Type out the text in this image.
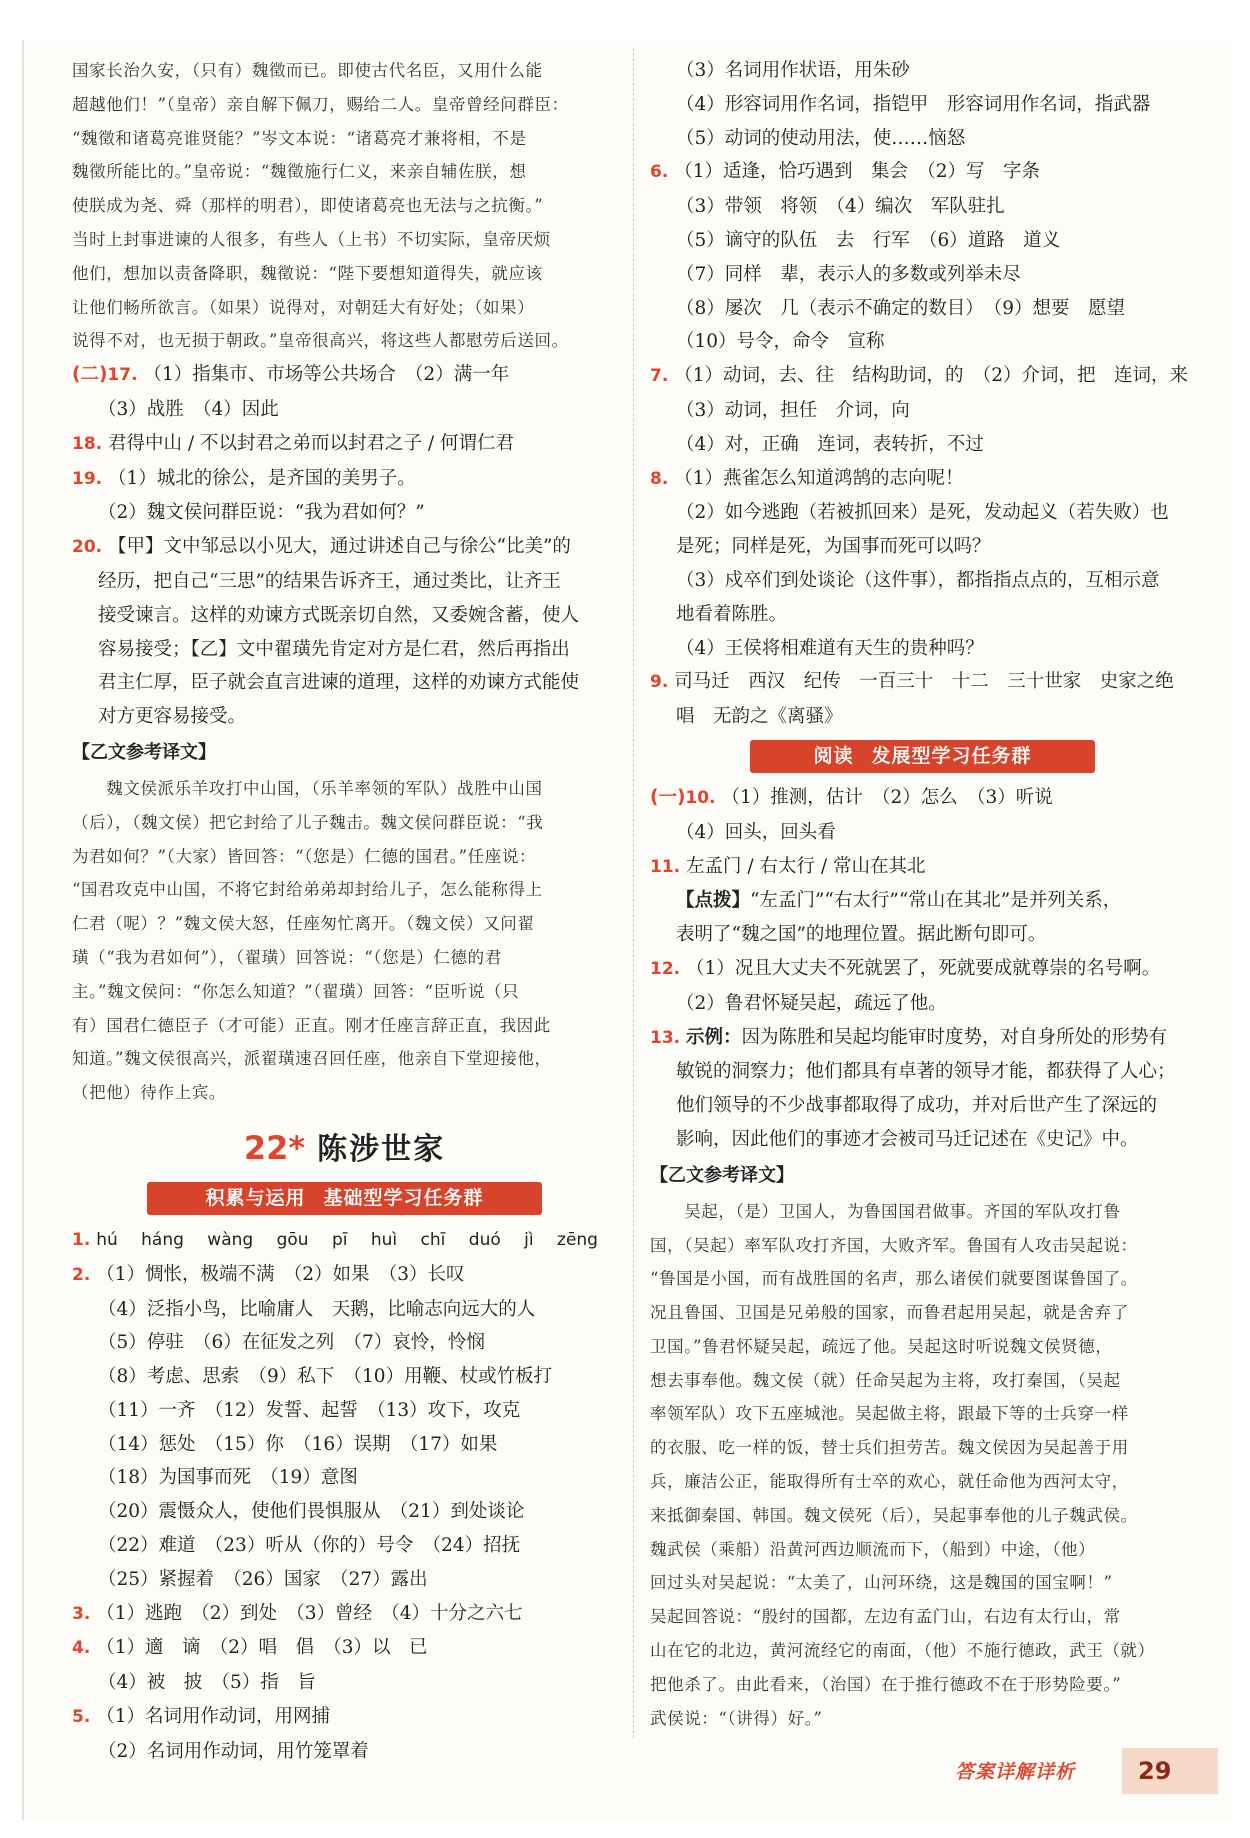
国家长治久安，（只有）魏徵而已。即使古代名臣，又用什么能

超越他们！”（皇帝）亲自解下佩刀，赐给二人。皇帝曾经问群臣：

“魏徵和诸葛亮谁贤能？”岑文本说：“诸葛亮才兼将相，不是

魏徵所能比的。”皇帝说：“魏徵施行仁义，来亲自辅佐朕，想

使朕成为尧、舜（那样的明君），即使诸葛亮也无法与之抗衡。”

当时上封事进谏的人很多，有些人（上书）不切实际，皇帝厌烦

他们，想加以责备降职，魏徵说：“陛下要想知道得失，就应该

让他们畅所欲言。（如果）说得对，对朝廷大有好处；（如果）

说得不对，也无损于朝政。”皇帝很高兴，将这些人都慰劳后送回。

(二)17. （1）指集市、市场等公共场合　（2）满一年

（3）战胜　（4）因此

18. 君得中山 / 不以封君之弟而以封君之子 / 何谓仁君

19. （1）城北的徐公，是齐国的美男子。

（2）魏文侯问群臣说：“我为君如何？”

20. 【甲】文中邹忌以小见大，通过讲述自己与徐公“比美”的

经历，把自己“三思”的结果告诉齐王，通过类比，让齐王

接受谏言。这样的劝谏方式既亲切自然，又委婉含蓄，使人

容易接受；【乙】文中翟璜先肯定对方是仁君，然后再指出

君主仁厚，臣子就会直言进谏的道理，这样的劝谏方式能使

对方更容易接受。

【乙文参考译文】

　　魏文侯派乐羊攻打中山国，（乐羊率领的军队）战胜中山国

（后），（魏文侯）把它封给了儿子魏击。魏文侯问群臣说：“我

为君如何？”（大家）皆回答：“（您是）仁德的国君。”任座说：

“国君攻克中山国，不将它封给弟弟却封给儿子，怎么能称得上

仁君（呢）？”魏文侯大怒，任座匆忙离开。（魏文侯）又问翟

璜（“我为君如何”），（翟璜）回答说：“（您是）仁德的君

主。”魏文侯问：“你怎么知道？”（翟璜）回答：“臣听说（只

有）国君仁德臣子（才可能）正直。刚才任座言辞正直，我因此

知道。”魏文侯很高兴，派翟璜速召回任座，他亲自下堂迎接他，

（把他）待作上宾。

22* 陈涉世家
积累与运用 基础型学习任务群

1. hú háng wàng gōu pī huì chī duó jì zēng

2. （1）惆怅，极端不满　（2）如果　（3）长叹

（4）泛指小鸟，比喻庸人　天鹅，比喻志向远大的人

（5）停驻　（6）在征发之列　（7）哀怜，怜悯

（8）考虑、思索　（9）私下　（10）用鞭、杖或竹板打

（11）一齐　（12）发誓、起誓　（13）攻下，攻克

（14）惩处　（15）你　（16）误期　（17）如果

（18）为国事而死　（19）意图

（20）震慑众人，使他们畏惧服从　（21）到处谈论

（22）难道　（23）听从（你的）号令　（24）招抚

（25）紧握着　（26）国家　（27）露出

3. （1）逃跑　（2）到处　（3）曾经　（4）十分之六七

4. （1）適　谪　（2）唱　倡　（3）以　已

（4）被　披　（5）指　旨

5. （1）名词用作动词，用网捕

（2）名词用作动词，用竹笼罩着

（3）名词用作状语，用朱砂

（4）形容词用作名词，指铠甲　形容词用作名词，指武器

（5）动词的使动用法，使……恼怒

6. （1）适逢，恰巧遇到　集会　（2）写　字条

（3）带领　将领　（4）编次　军队驻扎

（5）谪守的队伍　去　行军　（6）道路　道义

（7）同样　辈，表示人的多数或列举未尽

（8）屡次　几（表示不确定的数目）　（9）想要　愿望

（10）号令，命令　宣称

7. （1）动词，去、往　结构助词，的　（2）介词，把　连词，来

（3）动词，担任　介词，向

（4）对，正确　连词，表转折，不过

8. （1）燕雀怎么知道鸿鹄的志向呢！

（2）如今逃跑（若被抓回来）是死，发动起义（若失败）也

是死；同样是死，为国事而死可以吗？

（3）戍卒们到处谈论（这件事），都指指点点的，互相示意

地看着陈胜。

（4）王侯将相难道有天生的贵种吗？

9. 司马迁　西汉　纪传　一百三十　十二　三十世家　史家之绝

唱　无韵之《离骚》

阅读 发展型学习任务群

(一)10. （1）推测，估计　（2）怎么　（3）听说

（4）回头，回头看

11. 左孟门 / 右太行 / 常山在其北

【点拨】“左孟门”“右太行”“常山在其北”是并列关系，

表明了“魏之国”的地理位置。据此断句即可。

12. （1）况且大丈夫不死就罢了，死就要成就尊崇的名号啊。

（2）鲁君怀疑吴起，疏远了他。

13. 示例：因为陈胜和吴起均能审时度势，对自身所处的形势有

敏锐的洞察力；他们都具有卓著的领导才能，都获得了人心；

他们领导的不少战事都取得了成功，并对后世产生了深远的

影响，因此他们的事迹才会被司马迁记述在《史记》中。

【乙文参考译文】

　　吴起，（是）卫国人，为鲁国国君做事。齐国的军队攻打鲁

国，（吴起）率军队攻打齐国，大败齐军。鲁国有人攻击吴起说：

“鲁国是小国，而有战胜国的名声，那么诸侯们就要图谋鲁国了。

况且鲁国、卫国是兄弟般的国家，而鲁君起用吴起，就是舍弃了

卫国。”鲁君怀疑吴起，疏远了他。吴起这时听说魏文侯贤德，

想去事奉他。魏文侯（就）任命吴起为主将，攻打秦国，（吴起

率领军队）攻下五座城池。吴起做主将，跟最下等的士兵穿一样

的衣服、吃一样的饭，替士兵们担劳苦。魏文侯因为吴起善于用

兵，廉洁公正，能取得所有士卒的欢心，就任命他为西河太守，

来抵御秦国、韩国。魏文侯死（后），吴起事奉他的儿子魏武侯。

魏武侯（乘船）沿黄河西边顺流而下，（船到）中途，（他）

回过头对吴起说：“太美了，山河环绕，这是魏国的国宝啊！”

吴起回答说：“殷纣的国都，左边有孟门山，右边有太行山，常

山在它的北边，黄河流经它的南面，（他）不施行德政，武王（就）

把他杀了。由此看来，（治国）在于推行德政不在于形势险要。”

武侯说：“（讲得）好。”

答案详解详析	29
